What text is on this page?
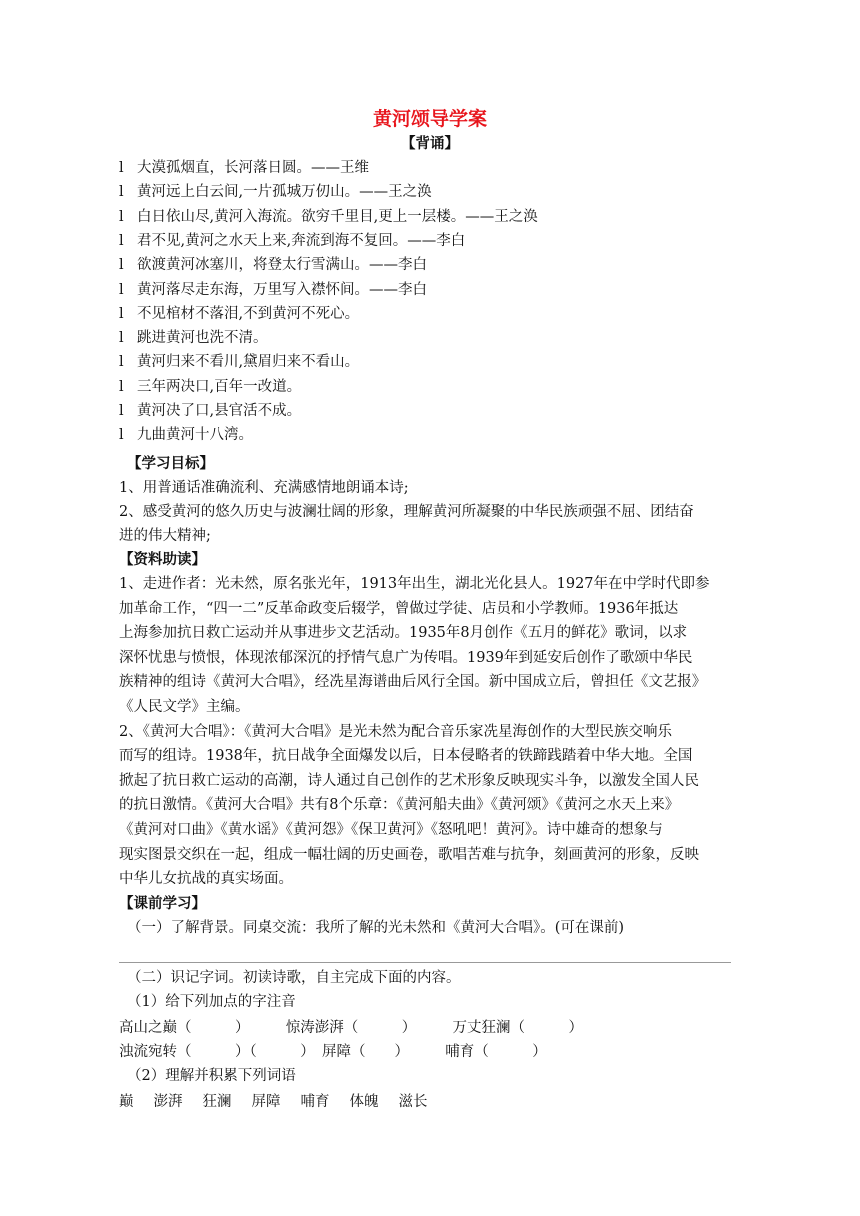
黄河颂导学案
【背诵】
l 大漠孤烟直，长河落日圆。——王维
l 黄河远上白云间,一片孤城万仞山。——王之涣
l 白日依山尽,黄河入海流。欲穷千里目,更上一层楼。——王之涣
l 君不见,黄河之水天上来,奔流到海不复回。——李白
l 欲渡黄河冰塞川，将登太行雪满山。——李白
l 黄河落尽走东海，万里写入襟怀间。——李白
l 不见棺材不落泪,不到黄河不死心。
l 跳进黄河也洗不清。
l 黄河归来不看川,黛眉归来不看山。
l 三年两决口,百年一改道。
l 黄河决了口,县官活不成。
l 九曲黄河十八湾。
【学习目标】
1、用普通话准确流利、充满感情地朗诵本诗;
2、感受黄河的悠久历史与波澜壮阔的形象，理解黄河所凝聚的中华民族顽强不屈、团结奋
进的伟大精神;
【资料助读】
1、走进作者：光未然，原名张光年，1913年出生，湖北光化县人。1927年在中学时代即参
加革命工作，“四一二”反革命政变后辍学，曾做过学徒、店员和小学教师。1936年抵达
上海参加抗日救亡运动并从事进步文艺活动。1935年8月创作《五月的鲜花》歌词，以求
深怀忧患与愤恨，体现浓郁深沉的抒情气息广为传唱。1939年到延安后创作了歌颂中华民
族精神的组诗《黄河大合唱》，经冼星海谱曲后风行全国。新中国成立后，曾担任《文艺报》
《人民文学》主编。
2、《黄河大合唱》：《黄河大合唱》是光未然为配合音乐家冼星海创作的大型民族交响乐
而写的组诗。1938年，抗日战争全面爆发以后，日本侵略者的铁蹄践踏着中华大地。全国
掀起了抗日救亡运动的高潮，诗人通过自己创作的艺术形象反映现实斗争，以激发全国人民
的抗日激情。《黄河大合唱》共有8个乐章：《黄河船夫曲》《黄河颂》《黄河之水天上来》
《黄河对口曲》《黄水谣》《黄河怨》《保卫黄河》《怒吼吧！黄河》。诗中雄奇的想象与
现实图景交织在一起，组成一幅壮阔的历史画卷，歌唱苦难与抗争，刻画黄河的形象，反映
中华儿女抗战的真实场面。
【课前学习】
（一）了解背景。同桌交流：我所了解的光未然和《黄河大合唱》。(可在课前)
（二）识记字词。初读诗歌，自主完成下面的内容。
（1）给下列加点的字注音
高山之巅（　　　）　　　惊涛澎湃（　　　）　　　万丈狂澜（　　　）
浊流宛转（　　　）（　　　）　屏障（　　）　　　哺育（　　　）
（2）理解并积累下列词语
巅 澎湃 狂澜 屏障 哺育 体魄 滋长
